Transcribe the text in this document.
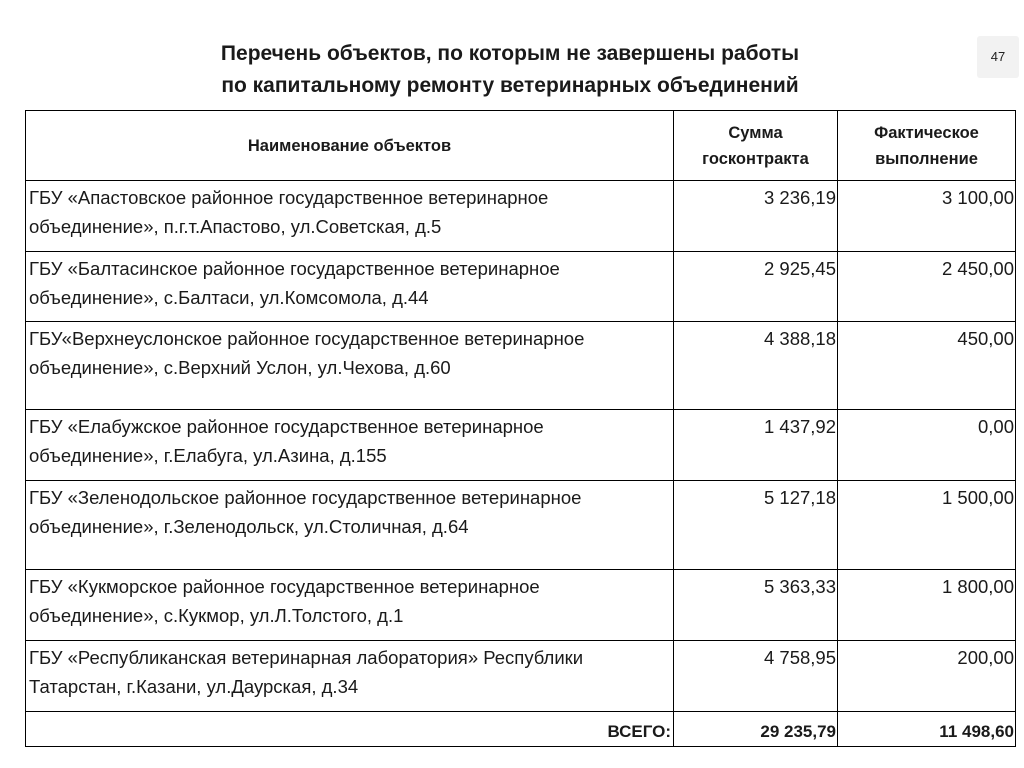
Перечень объектов, по которым не завершены работы
по капитальному ремонту ветеринарных объединений
47
Наименование объектов	Сумма госконтракта	Фактическое выполнение
ГБУ «Апастовское районное государственное ветеринарное объединение», п.г.т.Апастово, ул.Советская, д.5	3 236,19	3 100,00
ГБУ «Балтасинское районное государственное ветеринарное объединение», с.Балтаси, ул.Комсомола, д.44	2 925,45	2 450,00
ГБУ«Верхнеуслонское районное государственное ветеринарное объединение», с.Верхний Услон, ул.Чехова, д.60	4 388,18	450,00
ГБУ «Елабужское районное государственное ветеринарное объединение», г.Елабуга, ул.Азина, д.155	1 437,92	0,00
ГБУ «Зеленодольское районное государственное ветеринарное объединение», г.Зеленодольск, ул.Столичная, д.64	5 127,18	1 500,00
ГБУ «Кукморское районное государственное ветеринарное объединение», с.Кукмор, ул.Л.Толстого, д.1	5 363,33	1 800,00
ГБУ «Республиканская ветеринарная лаборатория» Республики Татарстан, г.Казани, ул.Даурская, д.34	4 758,95	200,00
ВСЕГО:	29 235,79	11 498,60
